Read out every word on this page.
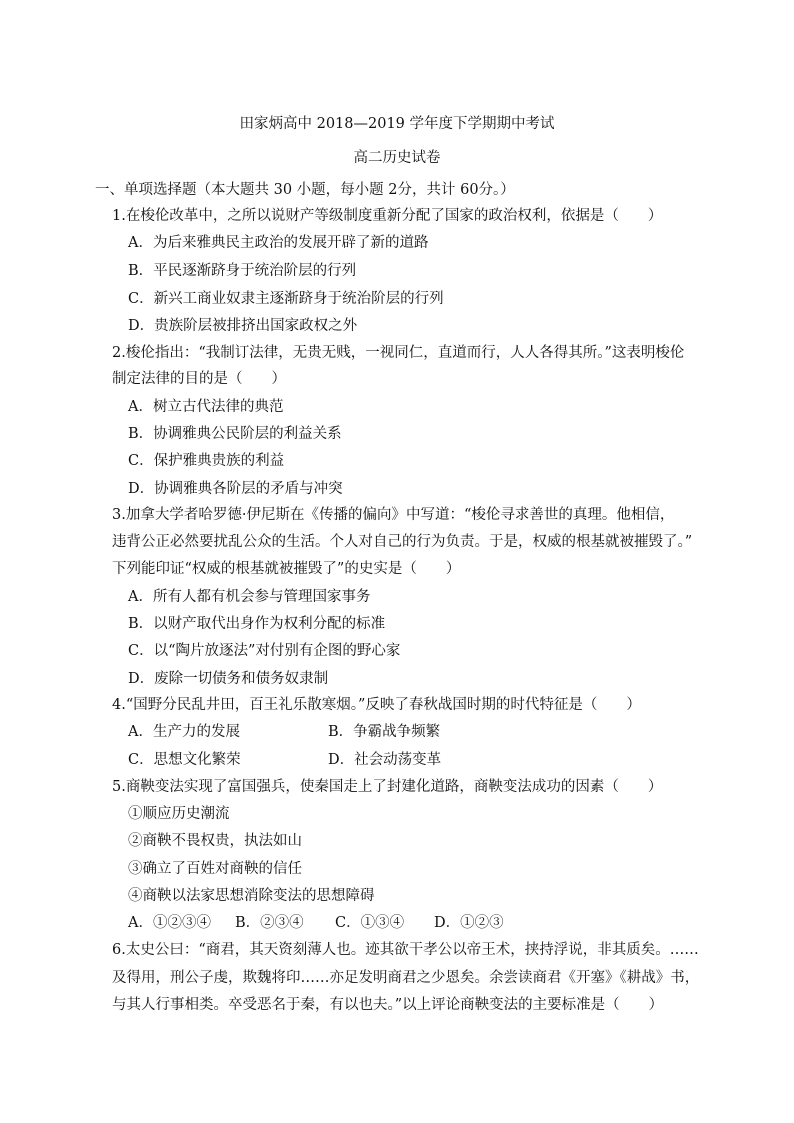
田家炳高中 2018—2019 学年度下学期期中考试
高二历史试卷
一、单项选择题（本大题共 30 小题，每小题 2分，共计 60分。）
1.在梭伦改革中，之所以说财产等级制度重新分配了国家的政治权利，依据是（　　）
A．为后来雅典民主政治的发展开辟了新的道路
B．平民逐渐跻身于统治阶层的行列
C．新兴工商业奴隶主逐渐跻身于统治阶层的行列
D．贵族阶层被排挤出国家政权之外
2.梭伦指出：“我制订法律，无贵无贱，一视同仁，直道而行，人人各得其所。”这表明梭伦
制定法律的目的是（　　）
A．树立古代法律的典范
B．协调雅典公民阶层的利益关系
C．保护雅典贵族的利益
D．协调雅典各阶层的矛盾与冲突
3.加拿大学者哈罗德·伊尼斯在《传播的偏向》中写道：“梭伦寻求善世的真理。他相信，
违背公正必然要扰乱公众的生活。个人对自己的行为负责。于是，权威的根基就被摧毁了。”
下列能印证“权威的根基就被摧毁了”的史实是（　　）
A．所有人都有机会参与管理国家事务
B．以财产取代出身作为权利分配的标准
C．以“陶片放逐法”对付别有企图的野心家
D．废除一切债务和债务奴隶制
4.“国野分民乱井田，百王礼乐散寒烟。”反映了春秋战国时期的时代特征是（　　）
A．生产力的发展	B．争霸战争频繁
C．思想文化繁荣	D．社会动荡变革
5.商鞅变法实现了富国强兵，使秦国走上了封建化道路，商鞅变法成功的因素（　　）
①顺应历史潮流
②商鞅不畏权贵，执法如山
③确立了百姓对商鞅的信任
④商鞅以法家思想消除变法的思想障碍
A．①②③④ B．②③④ C．①③④ D．①②③
6.太史公曰：“商君，其天资刻薄人也。迹其欲干孝公以帝王术，挟持浮说，非其质矣。……
及得用，刑公子虔，欺魏将印……亦足发明商君之少恩矣。余尝读商君《开塞》《耕战》书，
与其人行事相类。卒受恶名于秦，有以也夫。”以上评论商鞅变法的主要标准是（　　）
